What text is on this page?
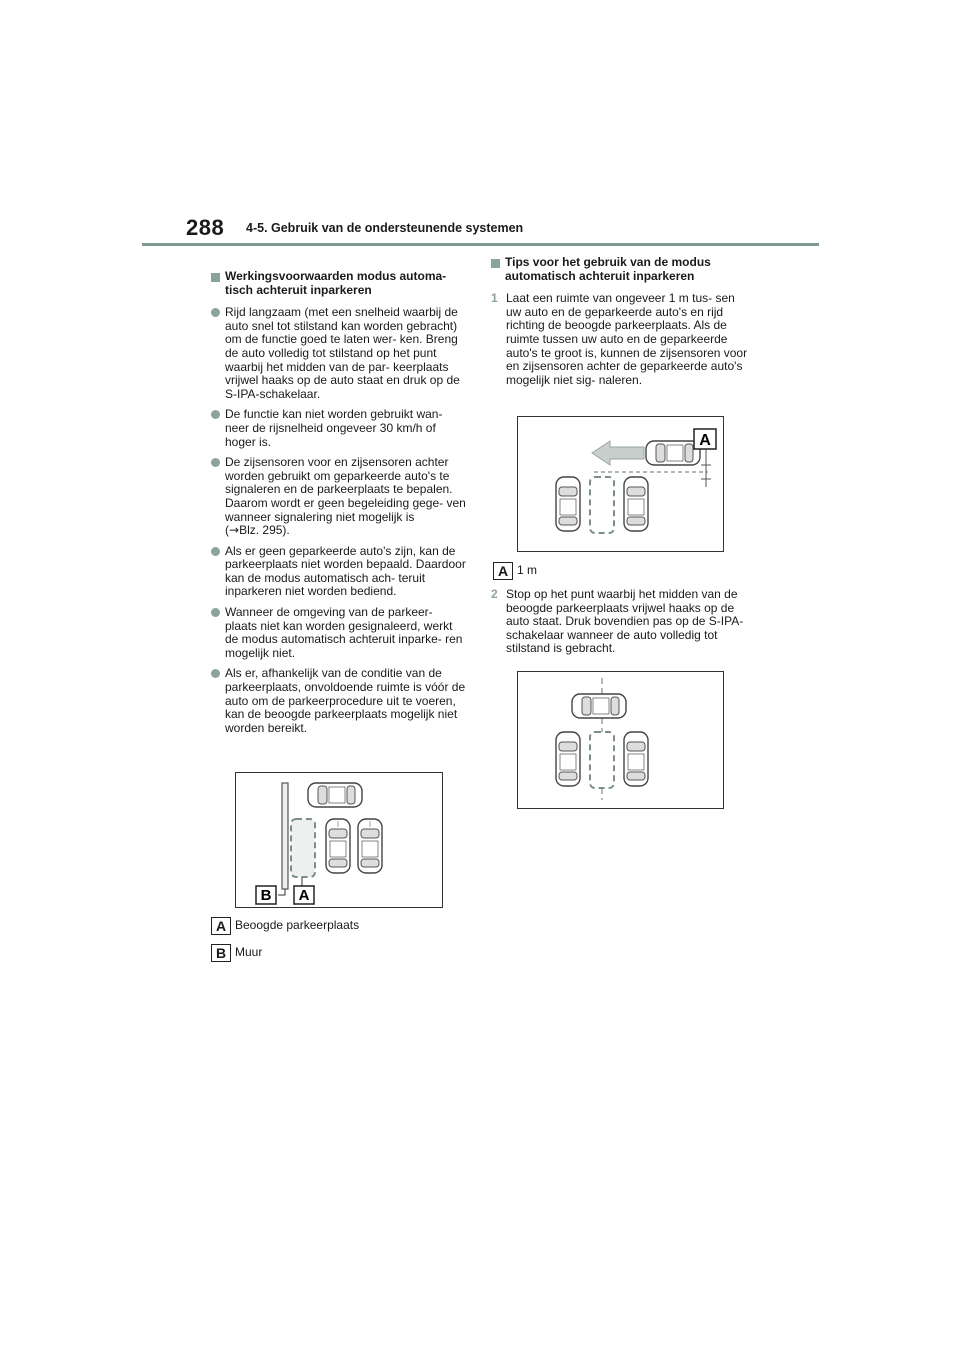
288 4-5. Gebruik van de ondersteunende systemen
Werkingsvoorwaarden modus automa- tisch achteruit inparkeren
Rijd langzaam (met een snelheid waarbij de auto snel tot stilstand kan worden gebracht) om de functie goed te laten wer- ken. Breng de auto volledig tot stilstand op het punt waarbij het midden van de par- keerplaats vrijwel haaks op de auto staat en druk op de S-IPA-schakelaar.
De functie kan niet worden gebruikt wan- neer de rijsnelheid ongeveer 30 km/h of hoger is.
De zijsensoren voor en zijsensoren achter worden gebruikt om geparkeerde auto's te signaleren en de parkeerplaats te bepalen. Daarom wordt er geen begeleiding gege- ven wanneer signalering niet mogelijk is
(→Blz. 295).
Als er geen geparkeerde auto's zijn, kan de parkeerplaats niet worden bepaald. Daardoor kan de modus automatisch ach- teruit inparkeren niet worden bediend.
Wanneer de omgeving van de parkeer- plaats niet kan worden gesignaleerd, werkt de modus automatisch achteruit inparke- ren mogelijk niet.
Als er, afhankelijk van de conditie van de parkeerplaats, onvoldoende ruimte is vóór de auto om de parkeerprocedure uit te voeren, kan de beoogde parkeerplaats mogelijk niet worden bereikt.
B A
A Beoogde parkeerplaats
B Muur
Tips voor het gebruik van de modus automatisch achteruit inparkeren
1 Laat een ruimte van ongeveer 1 m tus- sen uw auto en de geparkeerde auto's en rijd richting de beoogde parkeerplaats. Als de ruimte tussen uw auto en de geparkeerde auto's te groot is, kunnen de zijsensoren voor en zijsensoren achter de geparkeerde auto's mogelijk niet sig- naleren.
A
A 1 m
2 Stop op het punt waarbij het midden van de beoogde parkeerplaats vrijwel haaks op de auto staat. Druk bovendien pas op de S-IPA-schakelaar wanneer de auto volledig tot stilstand is gebracht.
